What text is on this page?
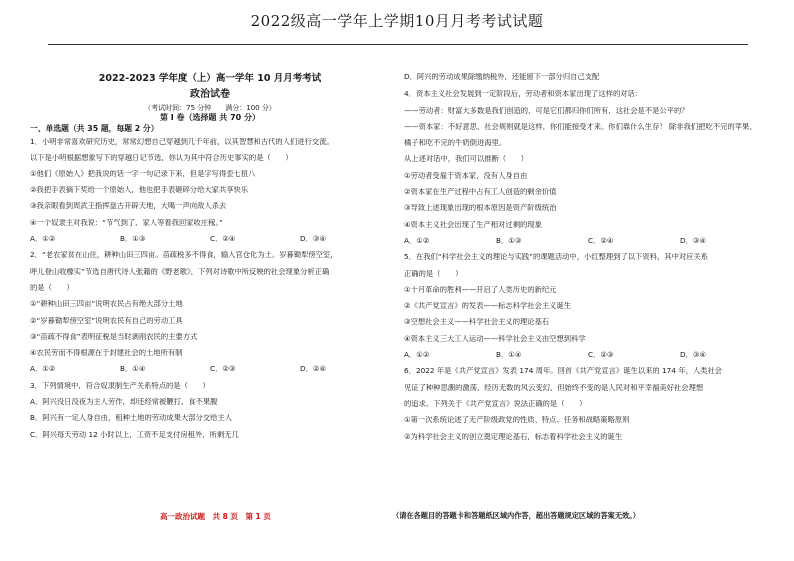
2022级高一学年上学期10月月考考试试题
2022-2023 学年度（上）高一学年 10 月月考考试
政治试卷
（考试时间：75 分钟　　满分：100 分）
第 I 卷（选择题 共 70 分）
一、单选题（共 35 题，每题 2 分）
1．小明非常喜欢研究历史，常常幻想自己穿越到几千年前，以其智慧和古代的人们进行交流。
以下是小明根据想象写下的穿越日记节选，你认为其中符合历史事实的是（　　）
①他们《原始人》把我说的话一字一句记录下来，但是字写得歪七扭八
②我把手表摘下奖给一个原始人，他也把手表砸碎分给大家共享快乐
③我亲眼看到周武王指挥盘古开辟天地，大喝一声向敌人杀去
④一个奴隶主对我说：“节气到了，家人等着我回家收庄稼。”
A．①②	B．①③	C．②④	D．③④
2．“老农家贫在山住，耕种山田三四亩。苗疏税多不得食，输入官仓化为土。岁暮锄犁傍空室，
呼儿登山收橡实”节选自唐代诗人张籍的《野老歌》，下列对诗歌中所反映的社会现象分析正确
的是（　　）
①“耕种山田三四亩”说明农民占有绝大部分土地
②“岁暮锄犁傍空室”说明农民有自己的劳动工具
③“苗疏不得食”表明征税是当时剥削农民的主要方式
④农民劳而不得根源在于封建社会的土地所有制
A．①②	B．①④	C．②③	D．②④
3．下列情境中，符合奴隶制生产关系特点的是（　　）
A．阿兴没日没夜为主人劳作，却还经常被鞭打、食不果腹
B．阿兴有一定人身自由，租种土地的劳动成果大部分交给主人
C．阿兴每天劳动 12 小时以上，工资不足支付房租外，所剩无几
D．阿兴的劳动成果除缴纳税外，还能留下一部分归自己支配
4．资本主义社会发展到一定阶段后，劳动者和资本家出现了这样的对话：
——劳动者：财富大多数是我们创造的，可是它们都归你们所有，这社会是不是公平的？
——资本家：不好意思，社会规则就是这样，你们能接受才来。你们靠什么生存！ 除非我们把吃不完的苹果、
橘子和吃不完的牛奶倒进海里。
从上述对话中，我们可以推断（　　）
①劳动者受雇于资本家，没有人身自由
②资本家在生产过程中占有工人创造的剩余价值
③导致上述现象出现的根本原因是资产阶级统治
④资本主义社会出现了生产相对过剩的现象
A．①②	B．①③	C．②④	D．③④
5．在我们“科学社会主义的理论与实践”的课题活动中，小红整理到了以下资料，其中对应关系
正确的是（　　）
①十月革命的胜利——开启了人类历史的新纪元
②《共产党宣言》的发表——标志科学社会主义诞生
③空想社会主义——科学社会主义的理论基石
④资本主义三大工人运动——科学社会主义由空想到科学
A．①②	B．①④	C．②③	D．③④
6．2022 年是《共产党宣言》发表 174 周年。回首《共产党宣言》诞生以来的 174 年，人类社会
见证了种种思潮的激荡，经历无数的风云变幻，但始终不变的是人民对和平幸福美好社会理想
的追求。下列关于《共产党宣言》说法正确的是（　　）
①第一次系统论述了无产阶级政党的性质、特点、任务和战略策略原则
②为科学社会主义的创立奠定理论基石，标志着科学社会主义的诞生
高一政治试题　共 8 页　第 1 页	（请在各题目的答题卡和答题纸区域内作答，超出答题规定区域的答案无效。）
